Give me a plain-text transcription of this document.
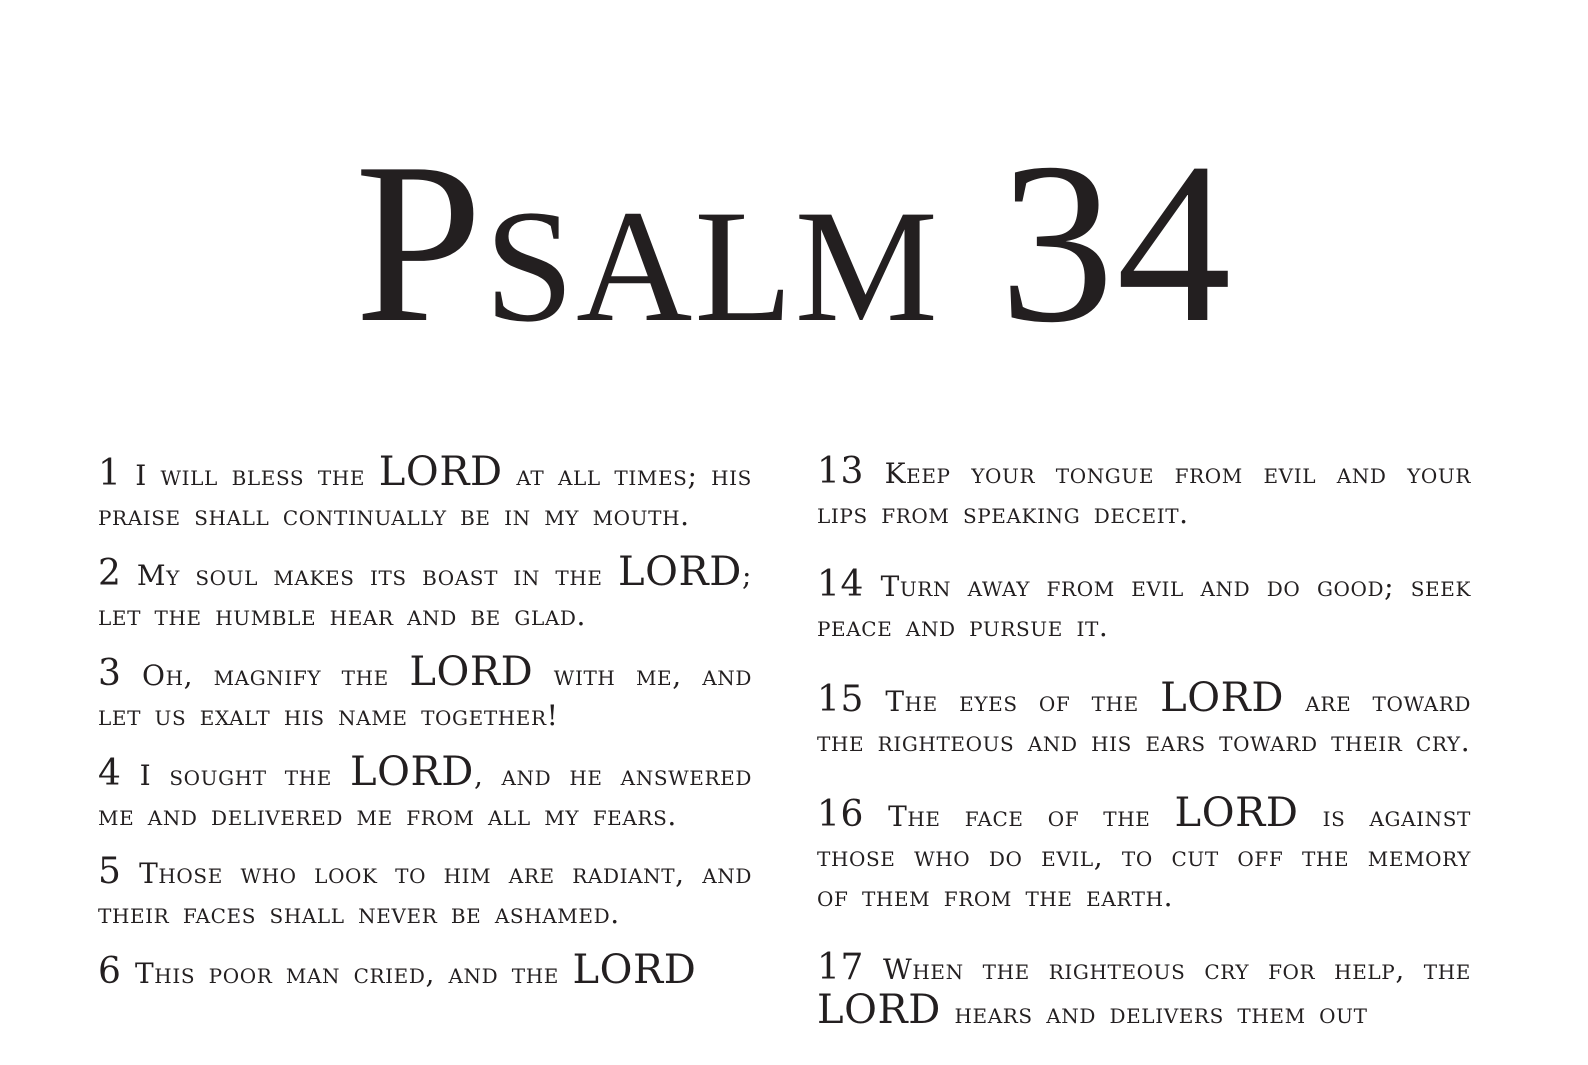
Psalm 34

1 I will bless the LORD at all times; his praise shall continually be in my mouth.

2 My soul makes its boast in the LORD; let the humble hear and be glad.

3 Oh, magnify the LORD with me, and let us exalt his name together!

4 I sought the LORD, and he answered me and delivered me from all my fears.

5 Those who look to him are radiant, and their faces shall never be ashamed.

6 This poor man cried, and the LORD

13 Keep your tongue from evil and your lips from speaking deceit.

14 Turn away from evil and do good; seek peace and pursue it.

15 The eyes of the LORD are toward the righteous and his ears toward their cry.

16 The face of the LORD is against those who do evil, to cut off the memory of them from the earth.

17 When the righteous cry for help, the LORD hears and delivers them out
